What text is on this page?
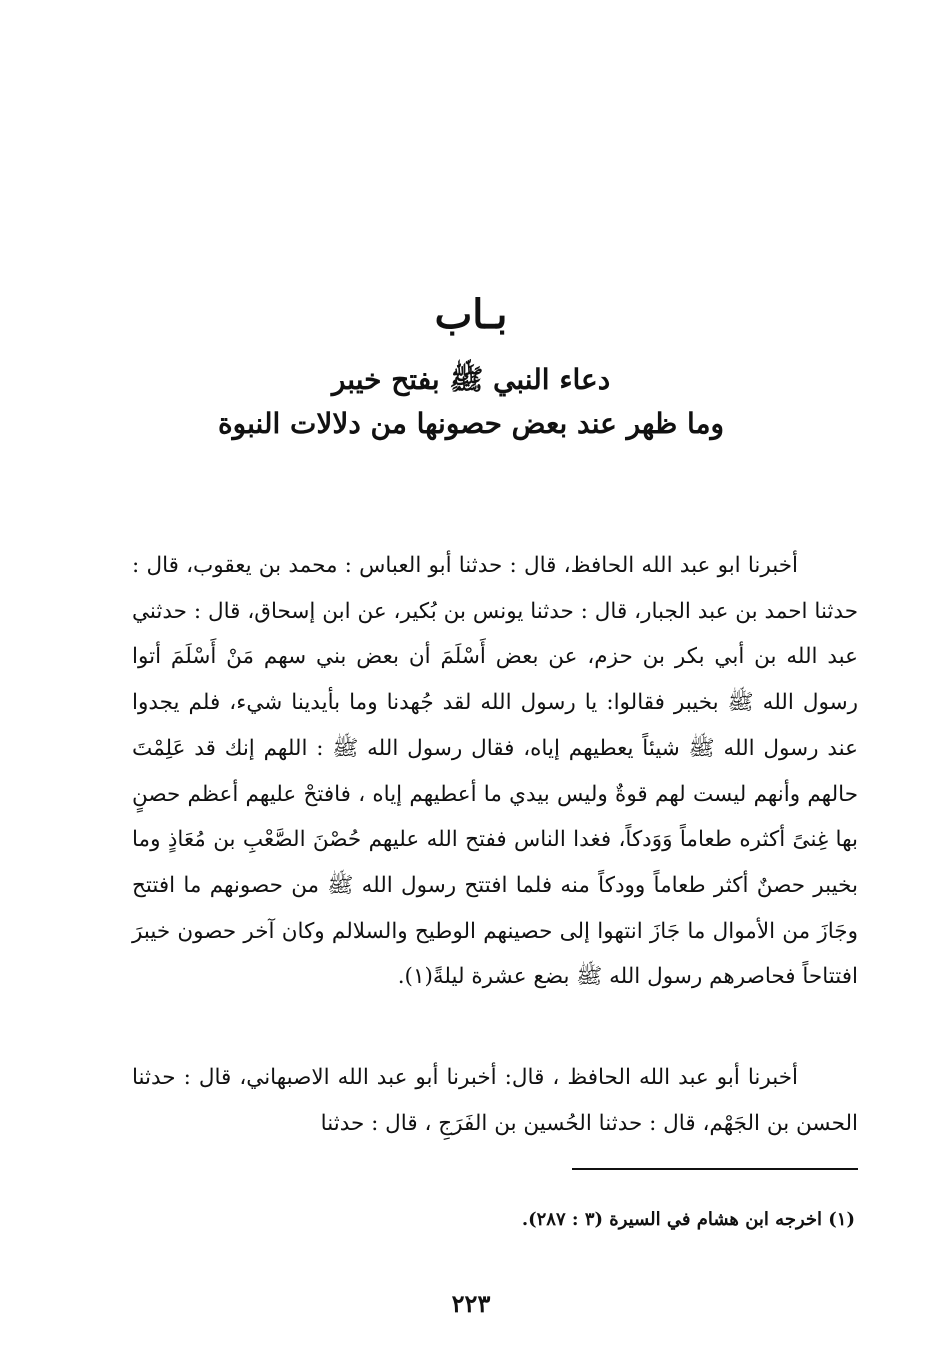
بـاب
دعاء النبي ﷺ بفتح خيبر
وما ظهر عند بعض حصونها من دلالات النبوة

أخبرنا ابو عبد الله الحافظ، قال : حدثنا أبو العباس : محمد بن يعقوب، قال : حدثنا احمد بن عبد الجبار، قال : حدثنا يونس بن بُكير، عن ابن إسحاق، قال : حدثني عبد الله بن أبي بكر بن حزم، عن بعض أَسْلَمَ أن بعض بني سهم مَنْ أَسْلَمَ أتوا رسول الله ﷺ بخيبر فقالوا: يا رسول الله لقد جُهدنا وما بأيدينا شيء، فلم يجدوا عند رسول الله ﷺ شيئاً يعطيهم إياه، فقال رسول الله ﷺ : اللهم إنك قد عَلِمْتَ حالهم وأنهم ليست لهم قوةٌ وليس بيدي ما أعطيهم إياه ، فافتحْ عليهم أعظم حصنٍ بها غِنىً أكثره طعاماً وَوَدكاً، فغدا الناس ففتح الله عليهم حُصْنَ الصَّعْبِ بن مُعَاذٍ وما بخيبر حصنٌ أكثر طعاماً وودكاً منه فلما افتتح رسول الله ﷺ من حصونهم ما افتتح وجَازَ من الأموال ما جَازَ انتهوا إلى حصينهم الوطيح والسلالم وكان آخر حصون خيبرَ افتتاحاً فحاصرهم رسول الله ﷺ بضع عشرة ليلةً(١).

أخبرنا أبو عبد الله الحافظ ، قال: أخبرنا أبو عبد الله الاصبهاني، قال : حدثنا الحسن بن الجَهْم، قال : حدثنا الحُسين بن الفَرَجِ ، قال : حدثنا

(١) اخرجه ابن هشام في السيرة (٣ : ٢٨٧).
٢٢٣
